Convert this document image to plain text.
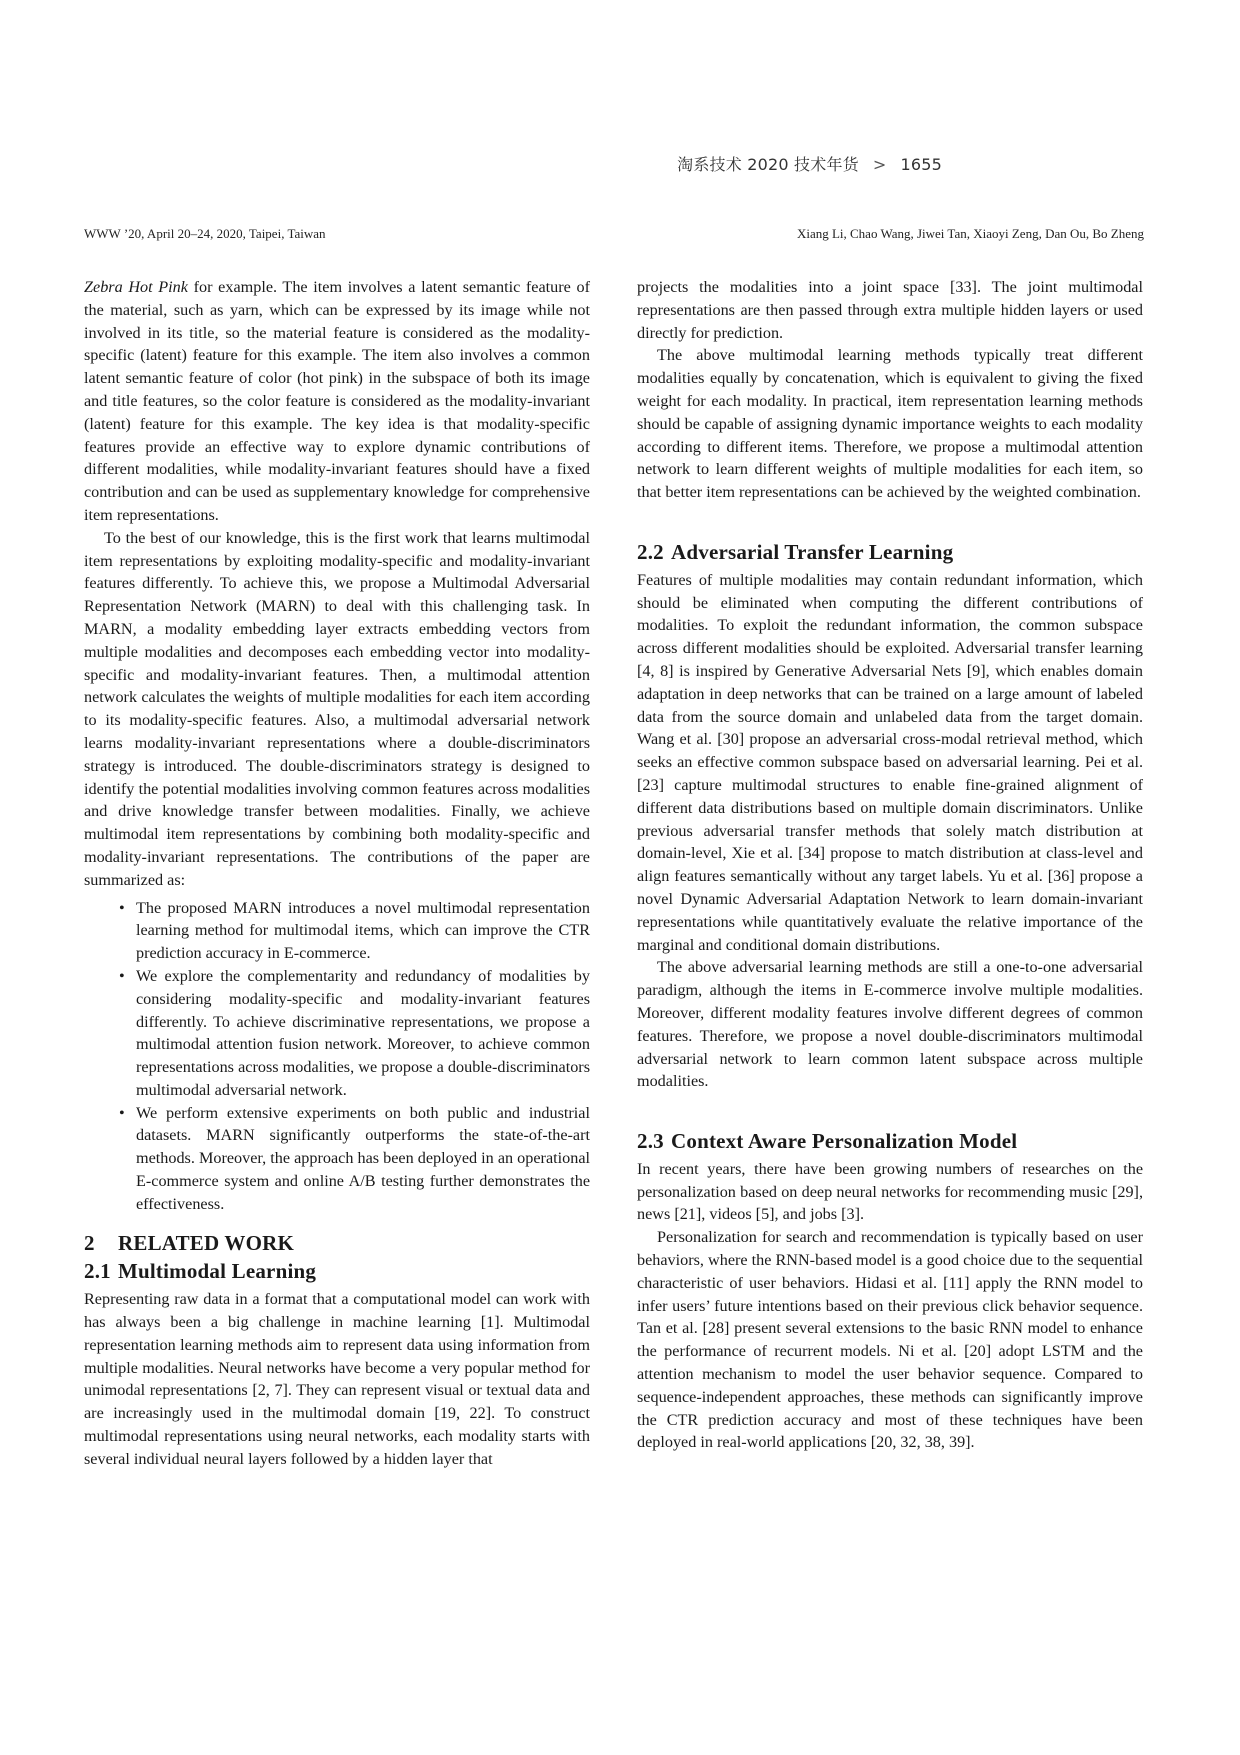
淘系技术 2020 技术年货 > 1655
WWW ’20, April 20–24, 2020, Taipei, Taiwan	Xiang Li, Chao Wang, Jiwei Tan, Xiaoyi Zeng, Dan Ou, Bo Zheng

Zebra Hot Pink for example. The item involves a latent semantic feature of the material, such as yarn, which can be expressed by its image while not involved in its title, so the material feature is considered as the modality-specific (latent) feature for this example. The item also involves a common latent semantic feature of color (hot pink) in the subspace of both its image and title features, so the color feature is considered as the modality-invariant (latent) feature for this example. The key idea is that modality-specific features provide an effective way to explore dynamic contributions of different modalities, while modality-invariant features should have a fixed contribution and can be used as supplementary knowledge for comprehensive item representations.

To the best of our knowledge, this is the first work that learns multimodal item representations by exploiting modality-specific and modality-invariant features differently. To achieve this, we propose a Multimodal Adversarial Representation Network (MARN) to deal with this challenging task. In MARN, a modality embedding layer extracts embedding vectors from multiple modalities and decomposes each embedding vector into modality-specific and modality-invariant features. Then, a multimodal attention network calculates the weights of multiple modalities for each item according to its modality-specific features. Also, a multimodal adversarial network learns modality-invariant representations where a double-discriminators strategy is introduced. The double-discriminators strategy is designed to identify the potential modalities involving common features across modalities and drive knowledge transfer between modalities. Finally, we achieve multimodal item representations by combining both modality-specific and modality-invariant representations. The contributions of the paper are summarized as:

• The proposed MARN introduces a novel multimodal representation learning method for multimodal items, which can improve the CTR prediction accuracy in E-commerce.
• We explore the complementarity and redundancy of modalities by considering modality-specific and modality-invariant features differently. To achieve discriminative representations, we propose a multimodal attention fusion network. Moreover, to achieve common representations across modalities, we propose a double-discriminators multimodal adversarial network.
• We perform extensive experiments on both public and industrial datasets. MARN significantly outperforms the state-of-the-art methods. Moreover, the approach has been deployed in an operational E-commerce system and online A/B testing further demonstrates the effectiveness.
2 RELATED WORK
2.1 Multimodal Learning

Representing raw data in a format that a computational model can work with has always been a big challenge in machine learning [1]. Multimodal representation learning methods aim to represent data using information from multiple modalities. Neural networks have become a very popular method for unimodal representations [2, 7]. They can represent visual or textual data and are increasingly used in the multimodal domain [19, 22]. To construct multimodal representations using neural networks, each modality starts with several individual neural layers followed by a hidden layer that

projects the modalities into a joint space [33]. The joint multimodal representations are then passed through extra multiple hidden layers or used directly for prediction.

The above multimodal learning methods typically treat different modalities equally by concatenation, which is equivalent to giving the fixed weight for each modality. In practical, item representation learning methods should be capable of assigning dynamic importance weights to each modality according to different items. Therefore, we propose a multimodal attention network to learn different weights of multiple modalities for each item, so that better item representations can be achieved by the weighted combination.

2.2 Adversarial Transfer Learning

Features of multiple modalities may contain redundant information, which should be eliminated when computing the different contributions of modalities. To exploit the redundant information, the common subspace across different modalities should be exploited. Adversarial transfer learning [4, 8] is inspired by Generative Adversarial Nets [9], which enables domain adaptation in deep networks that can be trained on a large amount of labeled data from the source domain and unlabeled data from the target domain. Wang et al. [30] propose an adversarial cross-modal retrieval method, which seeks an effective common subspace based on adversarial learning. Pei et al. [23] capture multimodal structures to enable fine-grained alignment of different data distributions based on multiple domain discriminators. Unlike previous adversarial transfer methods that solely match distribution at domain-level, Xie et al. [34] propose to match distribution at class-level and align features semantically without any target labels. Yu et al. [36] propose a novel Dynamic Adversarial Adaptation Network to learn domain-invariant representations while quantitatively evaluate the relative importance of the marginal and conditional domain distributions.

The above adversarial learning methods are still a one-to-one adversarial paradigm, although the items in E-commerce involve multiple modalities. Moreover, different modality features involve different degrees of common features. Therefore, we propose a novel double-discriminators multimodal adversarial network to learn common latent subspace across multiple modalities.

2.3 Context Aware Personalization Model

In recent years, there have been growing numbers of researches on the personalization based on deep neural networks for recommending music [29], news [21], videos [5], and jobs [3].

Personalization for search and recommendation is typically based on user behaviors, where the RNN-based model is a good choice due to the sequential characteristic of user behaviors. Hidasi et al. [11] apply the RNN model to infer users’ future intentions based on their previous click behavior sequence. Tan et al. [28] present several extensions to the basic RNN model to enhance the performance of recurrent models. Ni et al. [20] adopt LSTM and the attention mechanism to model the user behavior sequence. Compared to sequence-independent approaches, these methods can significantly improve the CTR prediction accuracy and most of these techniques have been deployed in real-world applications [20, 32, 38, 39].
